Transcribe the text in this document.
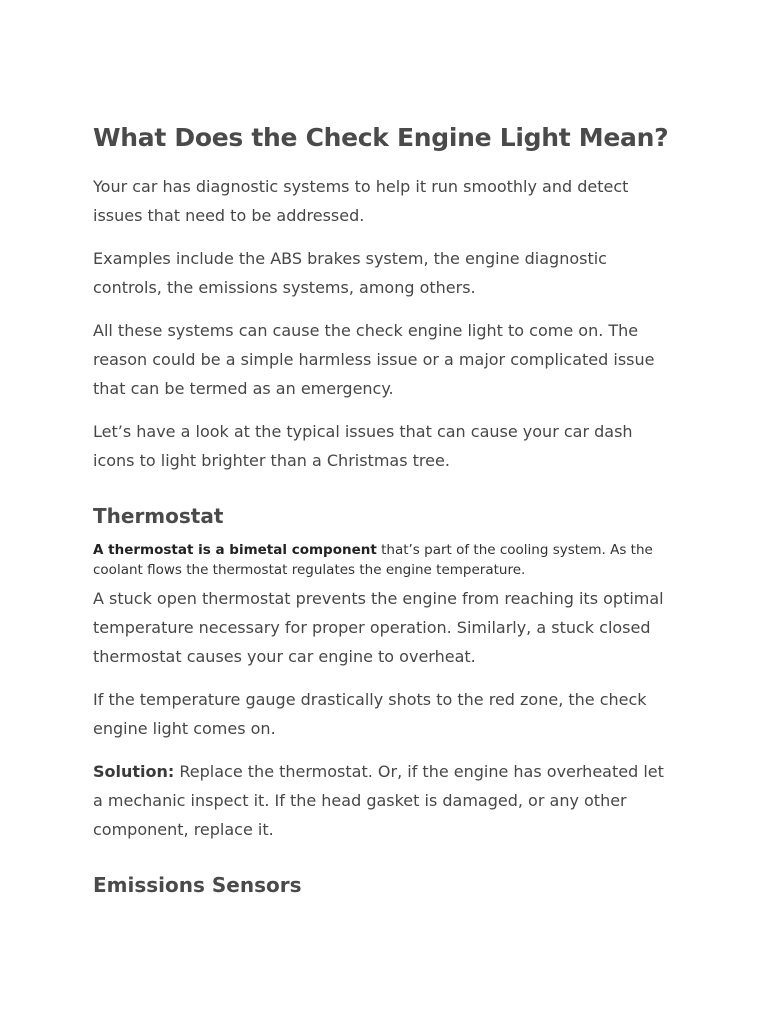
What Does the Check Engine Light Mean?

Your car has diagnostic systems to help it run smoothly and detect issues that need to be addressed.

Examples include the ABS brakes system, the engine diagnostic controls, the emissions systems, among others.

All these systems can cause the check engine light to come on. The reason could be a simple harmless issue or a major complicated issue that can be termed as an emergency.

Let’s have a look at the typical issues that can cause your car dash icons to light brighter than a Christmas tree.

Thermostat

A thermostat is a bimetal component that’s part of the cooling system. As the coolant flows the thermostat regulates the engine temperature.

A stuck open thermostat prevents the engine from reaching its optimal temperature necessary for proper operation. Similarly, a stuck closed thermostat causes your car engine to overheat.

If the temperature gauge drastically shots to the red zone, the check engine light comes on.

Solution: Replace the thermostat. Or, if the engine has overheated let a mechanic inspect it. If the head gasket is damaged, or any other component, replace it.

Emissions Sensors
